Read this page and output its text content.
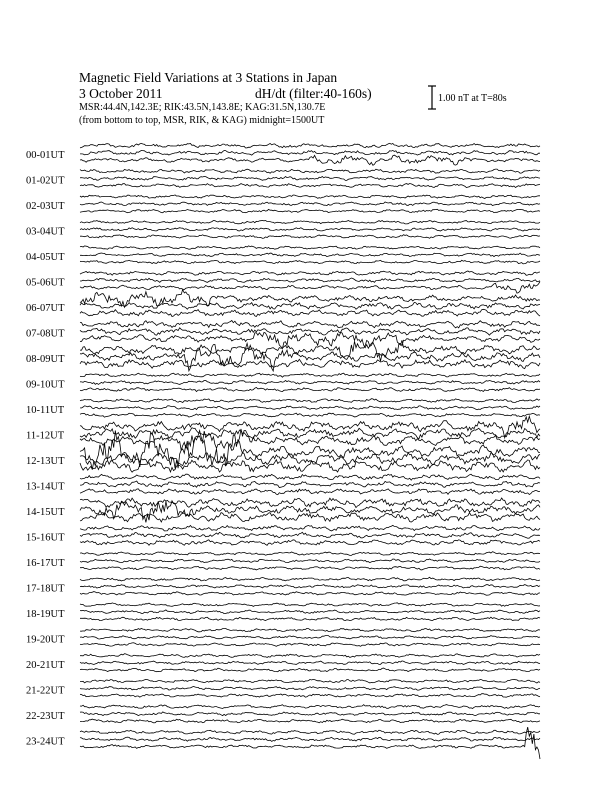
Magnetic Field Variations at 3 Stations in Japan
3 October 2011	dH/dt (filter:40-160s)
MSR:44.4N,142.3E; RIK:43.5N,143.8E; KAG:31.5N,130.7E
(from bottom to top, MSR, RIK, & KAG) midnight=1500UT
1.00 nT at T=80s
00-01UT
01-02UT
02-03UT
03-04UT
04-05UT
05-06UT
06-07UT
07-08UT
08-09UT
09-10UT
10-11UT
11-12UT
12-13UT
13-14UT
14-15UT
15-16UT
16-17UT
17-18UT
18-19UT
19-20UT
20-21UT
21-22UT
22-23UT
23-24UT
